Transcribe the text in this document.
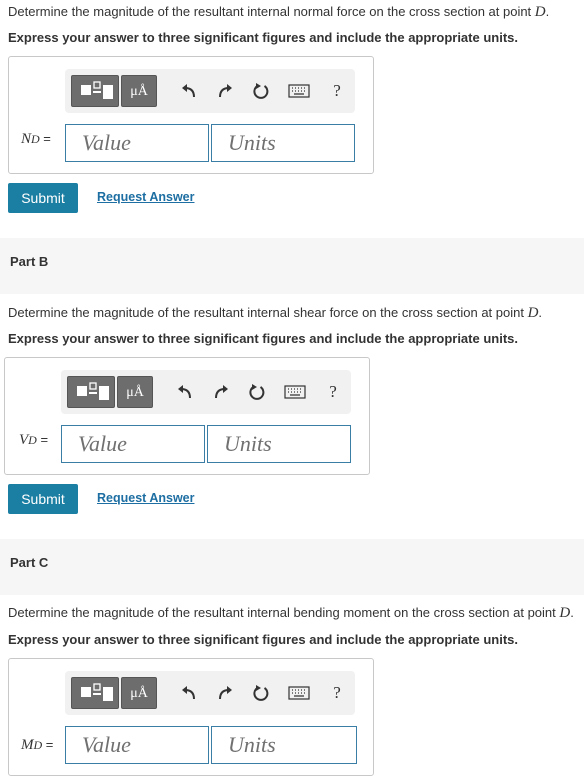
Determine the magnitude of the resultant internal normal force on the cross section at point D.
Express your answer to three significant figures and include the appropriate units.
μÅ	?
ND =	Value	Units
Submit	Request Answer
Part B
Determine the magnitude of the resultant internal shear force on the cross section at point D.
Express your answer to three significant figures and include the appropriate units.
μÅ	?
VD =	Value	Units
Submit	Request Answer
Part C
Determine the magnitude of the resultant internal bending moment on the cross section at point D.
Express your answer to three significant figures and include the appropriate units.
μÅ	?
MD =	Value	Units
